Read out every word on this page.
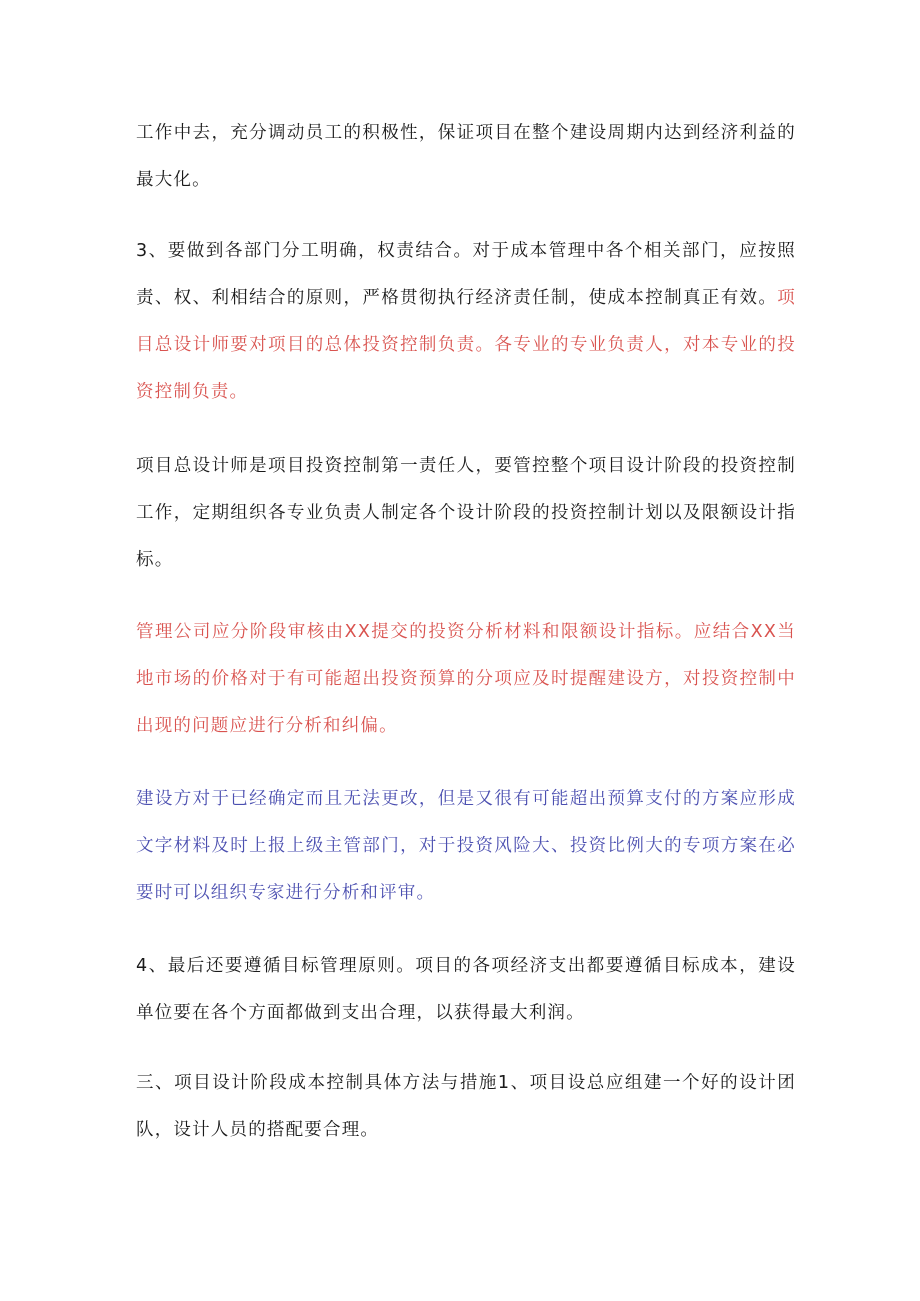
工作中去，充分调动员工的积极性，保证项目在整个建设周期内达到经济利益的最大化。

3、要做到各部门分工明确，权责结合。对于成本管理中各个相关部门，应按照责、权、利相结合的原则，严格贯彻执行经济责任制，使成本控制真正有效。项目总设计师要对项目的总体投资控制负责。各专业的专业负责人，对本专业的投资控制负责。

项目总设计师是项目投资控制第一责任人，要管控整个项目设计阶段的投资控制工作，定期组织各专业负责人制定各个设计阶段的投资控制计划以及限额设计指标。

管理公司应分阶段审核由XX提交的投资分析材料和限额设计指标。应结合XX当地市场的价格对于有可能超出投资预算的分项应及时提醒建设方，对投资控制中出现的问题应进行分析和纠偏。

建设方对于已经确定而且无法更改，但是又很有可能超出预算支付的方案应形成文字材料及时上报上级主管部门，对于投资风险大、投资比例大的专项方案在必要时可以组织专家进行分析和评审。

4、最后还要遵循目标管理原则。项目的各项经济支出都要遵循目标成本，建设单位要在各个方面都做到支出合理，以获得最大利润。

三、项目设计阶段成本控制具体方法与措施1、项目设总应组建一个好的设计团队，设计人员的搭配要合理。
